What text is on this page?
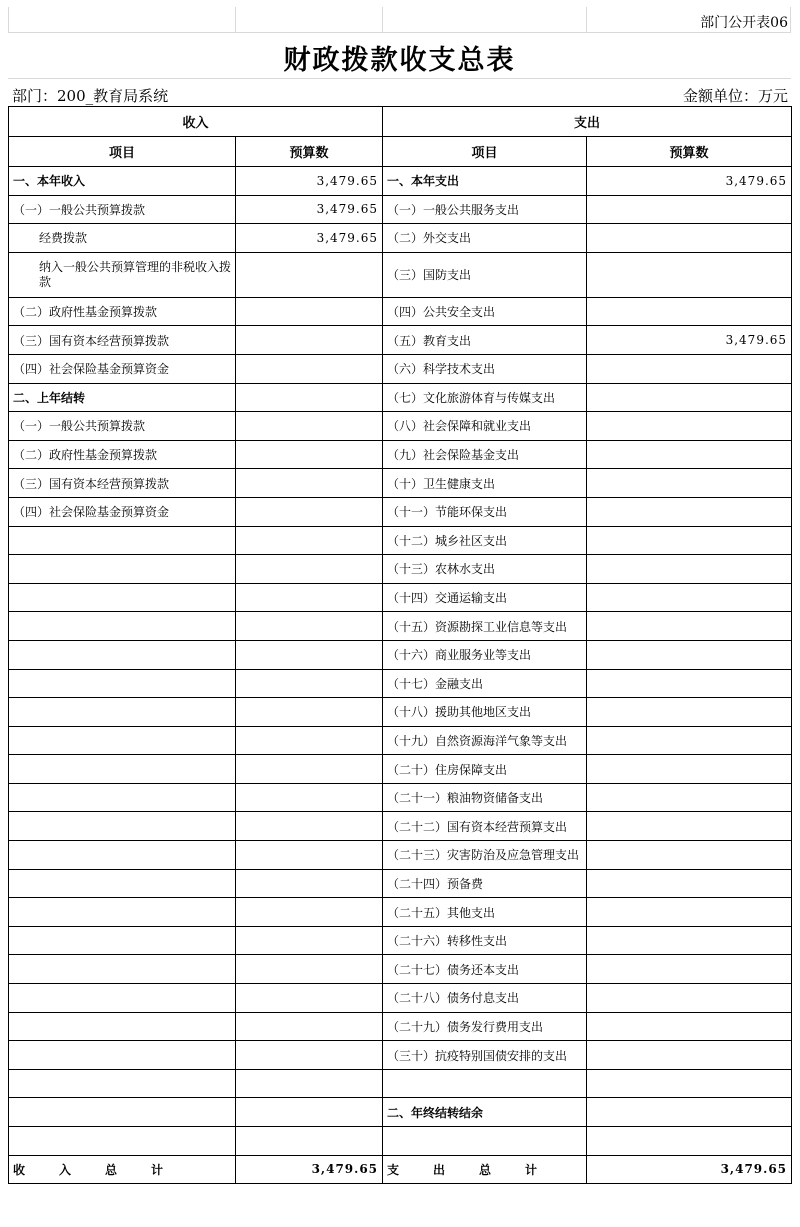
部门公开表06
财政拨款收支总表
部门：200_教育局系统	金额单位：万元
收入		支出	
项目	预算数	项目	预算数
一、本年收入	3,479.65	一、本年支出	3,479.65
（一）一般公共预算拨款	3,479.65	（一）一般公共服务支出	
经费拨款	3,479.65	（二）外交支出	
纳入一般公共预算管理的非税收入拨款		（三）国防支出	
（二）政府性基金预算拨款		（四）公共安全支出	
（三）国有资本经营预算拨款		（五）教育支出	3,479.65
（四）社会保险基金预算资金		（六）科学技术支出	
二、上年结转		（七）文化旅游体育与传媒支出	
（一）一般公共预算拨款		（八）社会保障和就业支出	
（二）政府性基金预算拨款		（九）社会保险基金支出	
（三）国有资本经营预算拨款		（十）卫生健康支出	
（四）社会保险基金预算资金		（十一）节能环保支出	
		（十二）城乡社区支出	
		（十三）农林水支出	
		（十四）交通运输支出	
		（十五）资源勘探工业信息等支出	
		（十六）商业服务业等支出	
		（十七）金融支出	
		（十八）援助其他地区支出	
		（十九）自然资源海洋气象等支出	
		（二十）住房保障支出	
		（二十一）粮油物资储备支出	
		（二十二）国有资本经营预算支出	
		（二十三）灾害防治及应急管理支出	
		（二十四）预备费	
		（二十五）其他支出	
		（二十六）转移性支出	
		（二十七）债务还本支出	
		（二十八）债务付息支出	
		（二十九）债务发行费用支出	
		（三十）抗疫特别国债安排的支出	

		二、年终结转结余	

收入总计	3,479.65	支出总计	3,479.65
